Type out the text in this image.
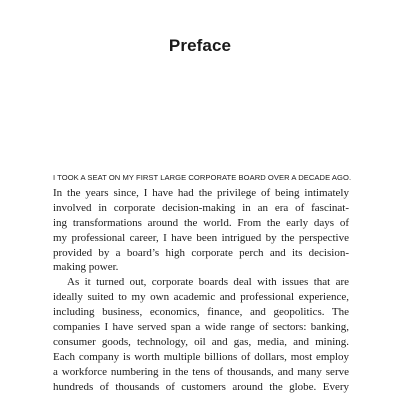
Preface
I TOOK A SEAT ON MY FIRST LARGE CORPORATE BOARD OVER A DECADE AGO.

In the years since, I have had the privilege of being intimately
involved in corporate decision-making in an era of fascinat-
ing transformations around the world. From the early days of
my professional career, I have been intrigued by the perspective
provided by a board’s high corporate perch and its decision-
making power.

As it turned out, corporate boards deal with issues that are
ideally suited to my own academic and professional experience,
including business, economics, finance, and geopolitics. The
companies I have served span a wide range of sectors: banking,
consumer goods, technology, oil and gas, media, and mining.
Each company is worth multiple billions of dollars, most employ
a workforce numbering in the tens of thousands, and many serve
hundreds of thousands of customers around the globe. Every
